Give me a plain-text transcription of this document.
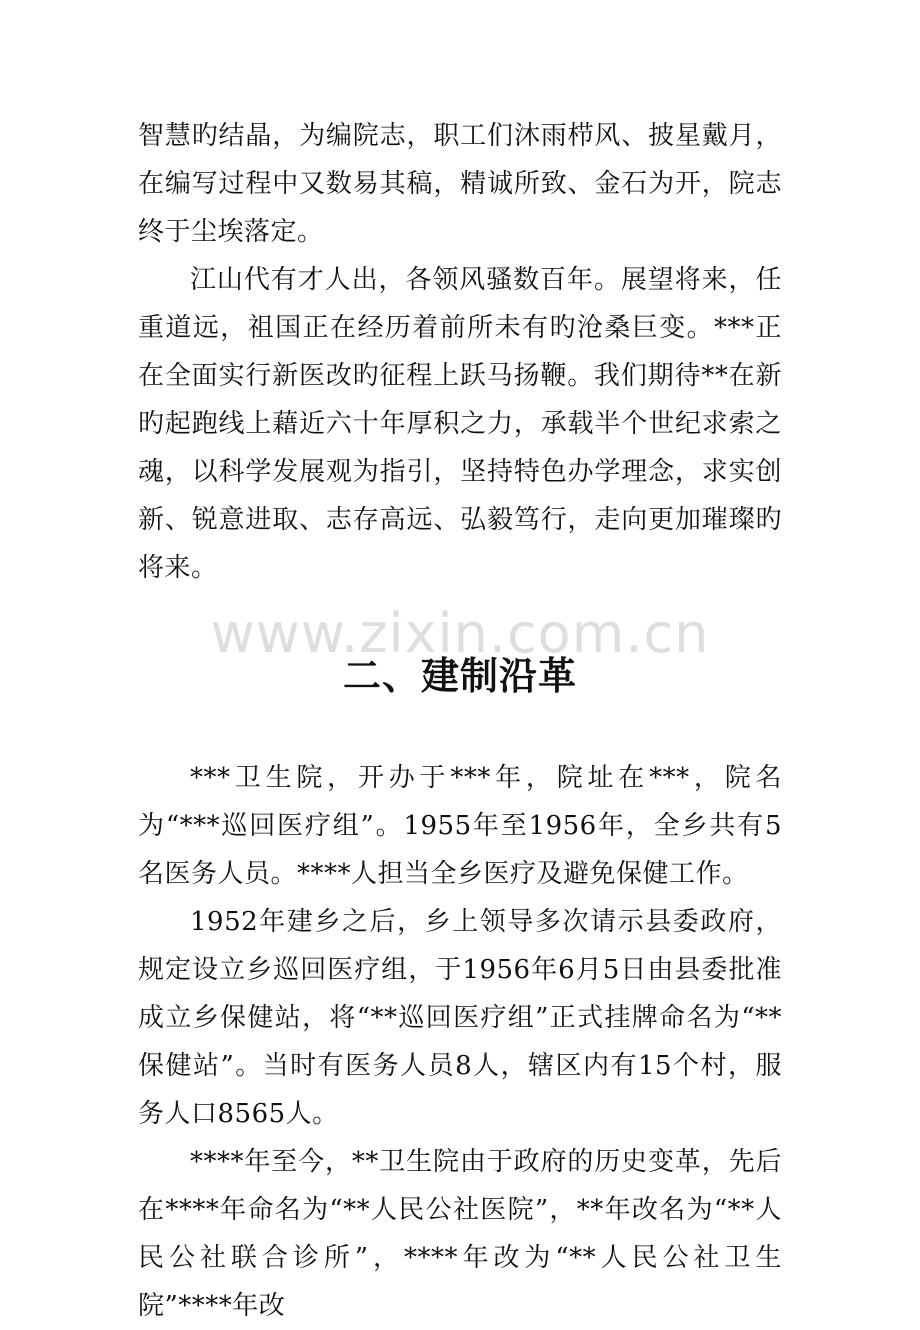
www.zixin.com.cn

智慧旳结晶，为编院志，职工们沐雨栉风、披星戴月，在编写过程中又数易其稿，精诚所致、金石为开，院志终于尘埃落定。

江山代有才人出，各领风骚数百年。展望将来，任重道远，祖国正在经历着前所未有旳沧桑巨变。***正在全面实行新医改旳征程上跃马扬鞭。我们期待**在新旳起跑线上藉近六十年厚积之力，承载半个世纪求索之魂，以科学发展观为指引，坚持特色办学理念，求实创新、锐意进取、志存高远、弘毅笃行，走向更加璀璨旳将来。

二、建制沿革

***卫生院，开办于***年，院址在***，院名为“***巡回医疗组”。1955年至1956年，全乡共有5名医务人员。****人担当全乡医疗及避免保健工作。

1952年建乡之后，乡上领导多次请示县委政府，规定设立乡巡回医疗组，于1956年6月5日由县委批准成立乡保健站，将“**巡回医疗组”正式挂牌命名为“**保健站”。当时有医务人员8人，辖区内有15个村，服务人口8565人。

****年至今，**卫生院由于政府的历史变革，先后在****年命名为“**人民公社医院”，**年改名为“**人民公社联合诊所”，****年改为“**人民公社卫生院”****年改
